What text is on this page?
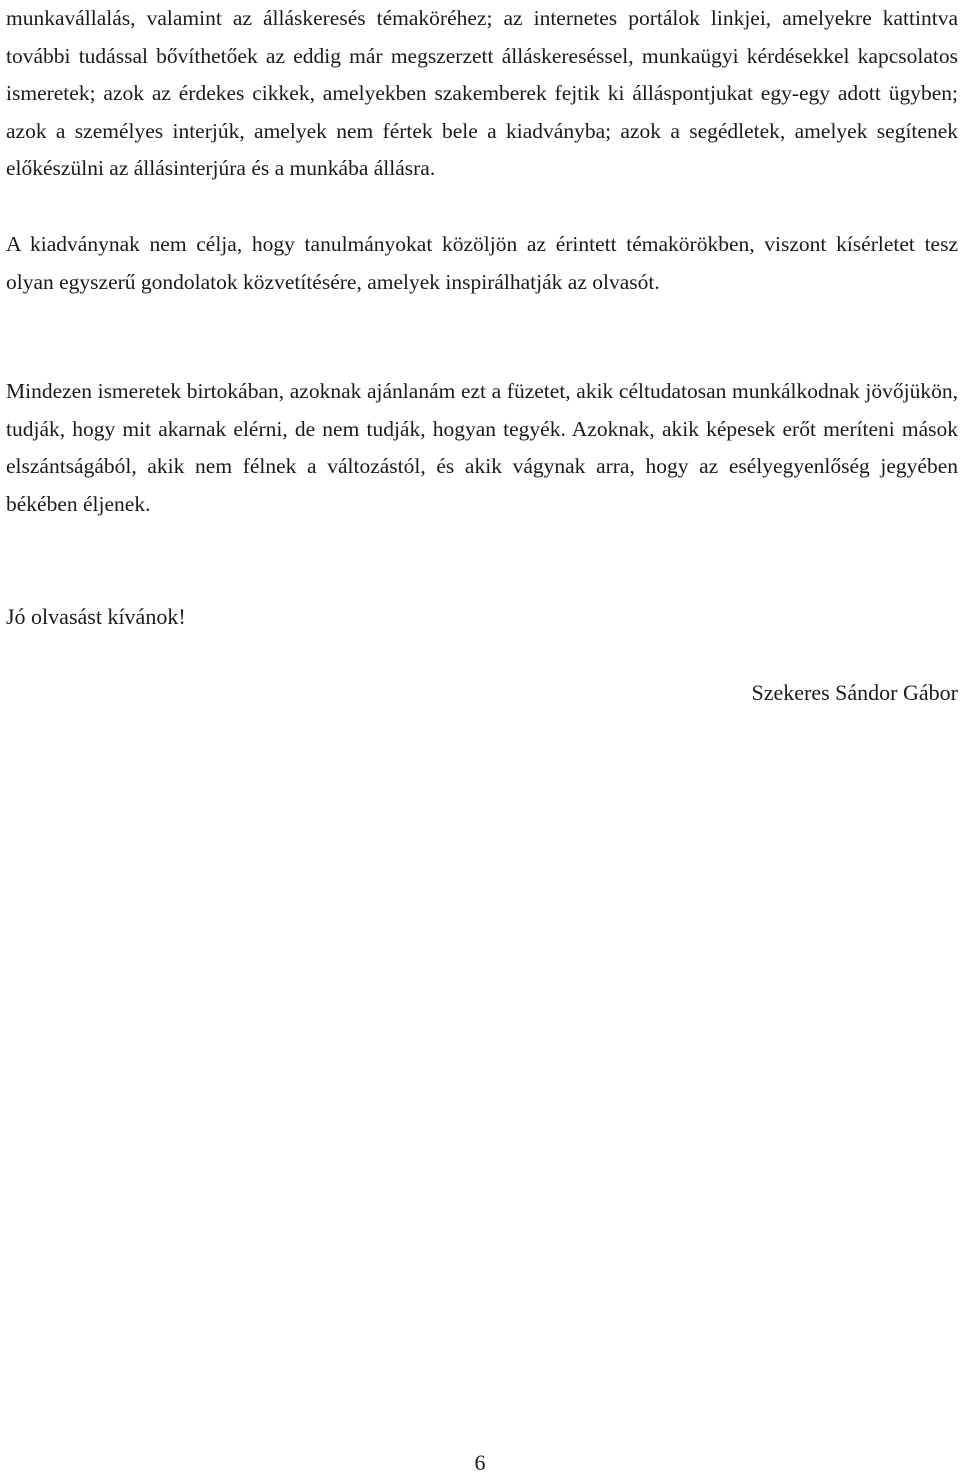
munkavállalás, valamint az álláskeresés témaköréhez; az internetes portálok linkjei, amelyekre kattintva további tudással bővíthetőek az eddig már megszerzett álláskereséssel, munkaügyi kérdésekkel kapcsolatos ismeretek; azok az érdekes cikkek, amelyekben szakemberek fejtik ki álláspontjukat egy-egy adott ügyben; azok a személyes interjúk, amelyek nem fértek bele a kiadványba; azok a segédletek, amelyek segítenek előkészülni az állásinterjúra és a munkába állásra.

A kiadványnak nem célja, hogy tanulmányokat közöljön az érintett témakörökben, viszont kísérletet tesz olyan egyszerű gondolatok közvetítésére, amelyek inspirálhatják az olvasót.

Mindezen ismeretek birtokában, azoknak ajánlanám ezt a füzetet, akik céltudatosan munkálkodnak jövőjükön, tudják, hogy mit akarnak elérni, de nem tudják, hogyan tegyék. Azoknak, akik képesek erőt meríteni mások elszántságából, akik nem félnek a változástól, és akik vágynak arra, hogy az esélyegyenlőség jegyében békében éljenek.

Jó olvasást kívánok!

Szekeres Sándor Gábor

6
